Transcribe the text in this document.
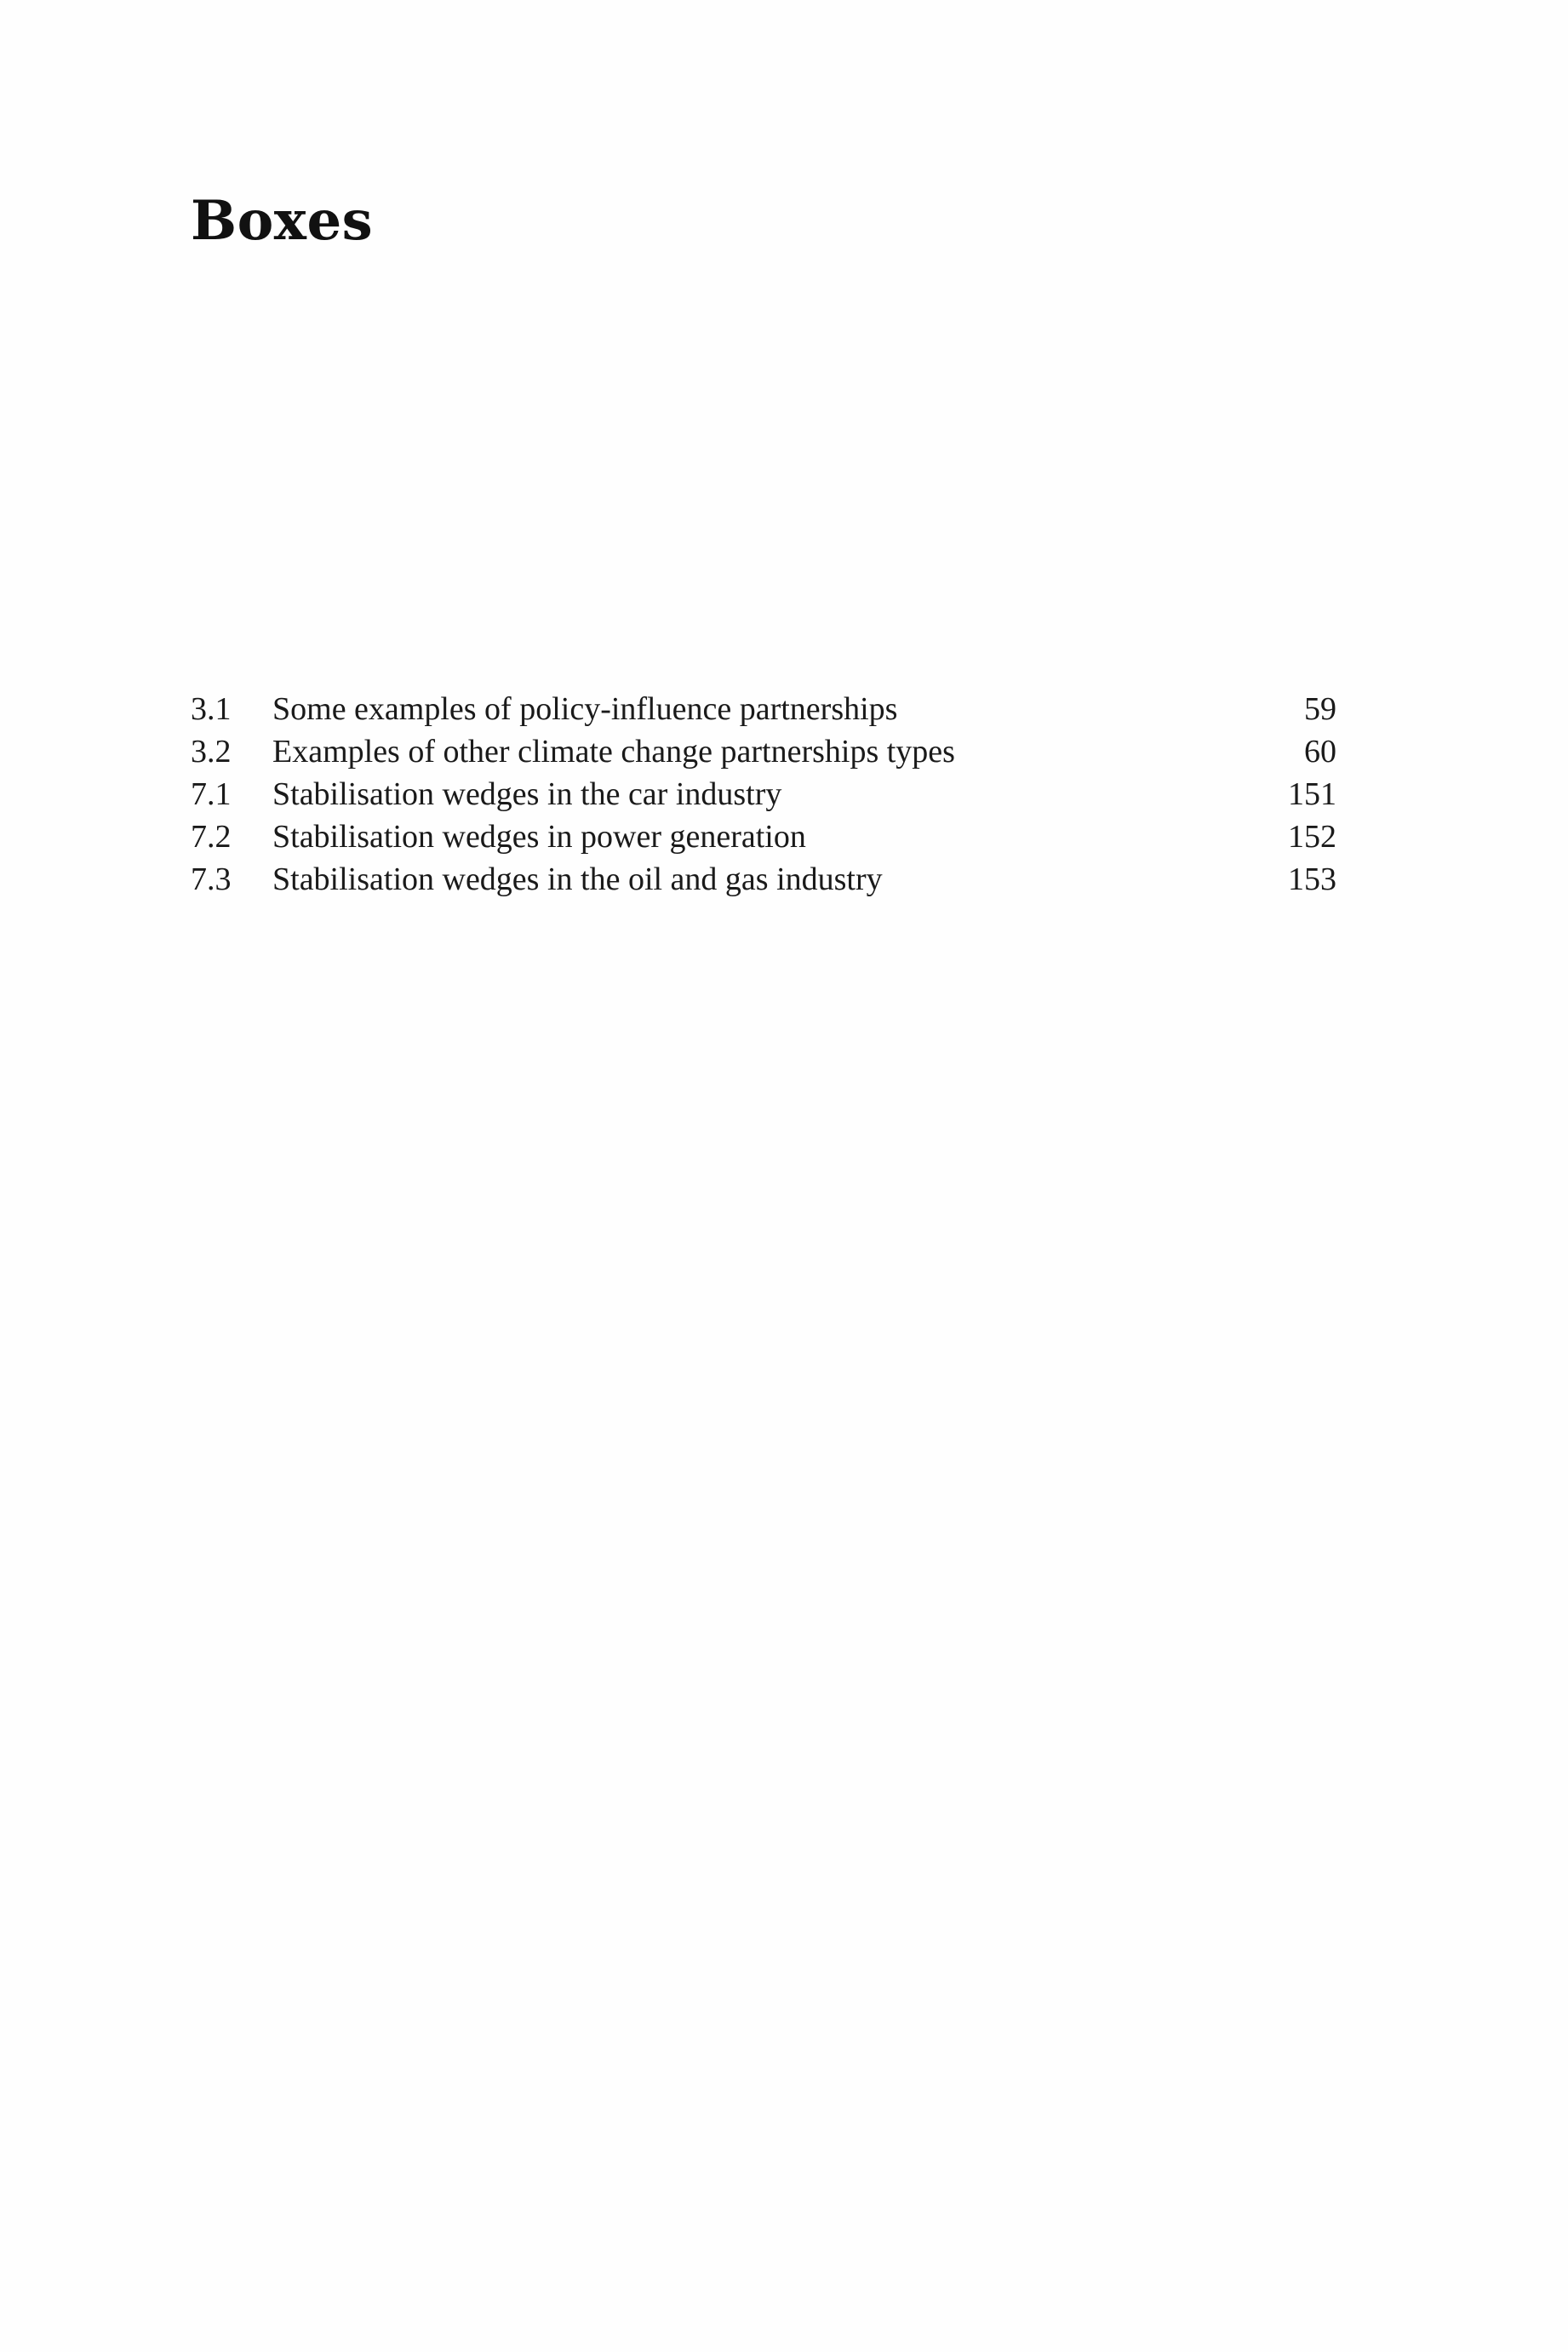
Boxes
3.1	Some examples of policy-influence partnerships	59
3.2	Examples of other climate change partnerships types	60
7.1	Stabilisation wedges in the car industry	151
7.2	Stabilisation wedges in power generation	152
7.3	Stabilisation wedges in the oil and gas industry	153
